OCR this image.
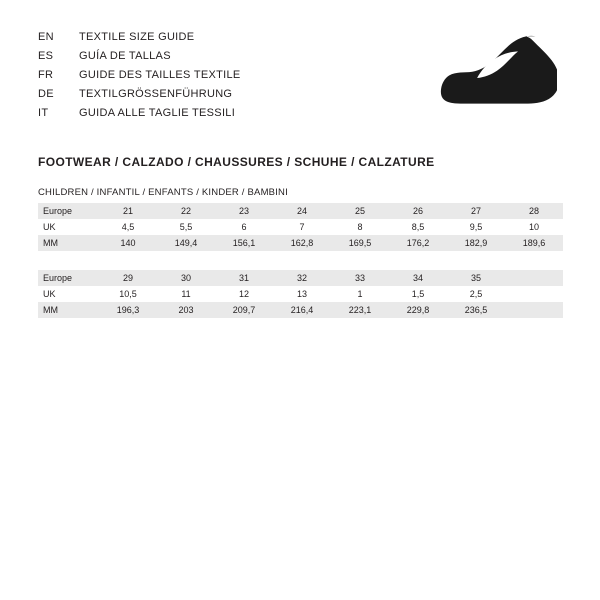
EN	TEXTILE SIZE GUIDE
ES	GUÍA DE TALLAS
FR	GUIDE DES TAILLES TEXTILE
DE	TEXTILGRÖSSENFÜHRUNG
IT	GUIDA ALLE TAGLIE TESSILI
FOOTWEAR / CALZADO / CHAUSSURES / SCHUHE / CALZATURE
CHILDREN / INFANTIL / ENFANTS / KINDER / BAMBINI
Europe	21	22	23	24	25	26	27	28
UK	4,5	5,5	6	7	8	8,5	9,5	10
MM	140	149,4	156,1	162,8	169,5	176,2	182,9	189,6
Europe	29	30	31	32	33	34	35	
UK	10,5	11	12	13	1	1,5	2,5	
MM	196,3	203	209,7	216,4	223,1	229,8	236,5	
